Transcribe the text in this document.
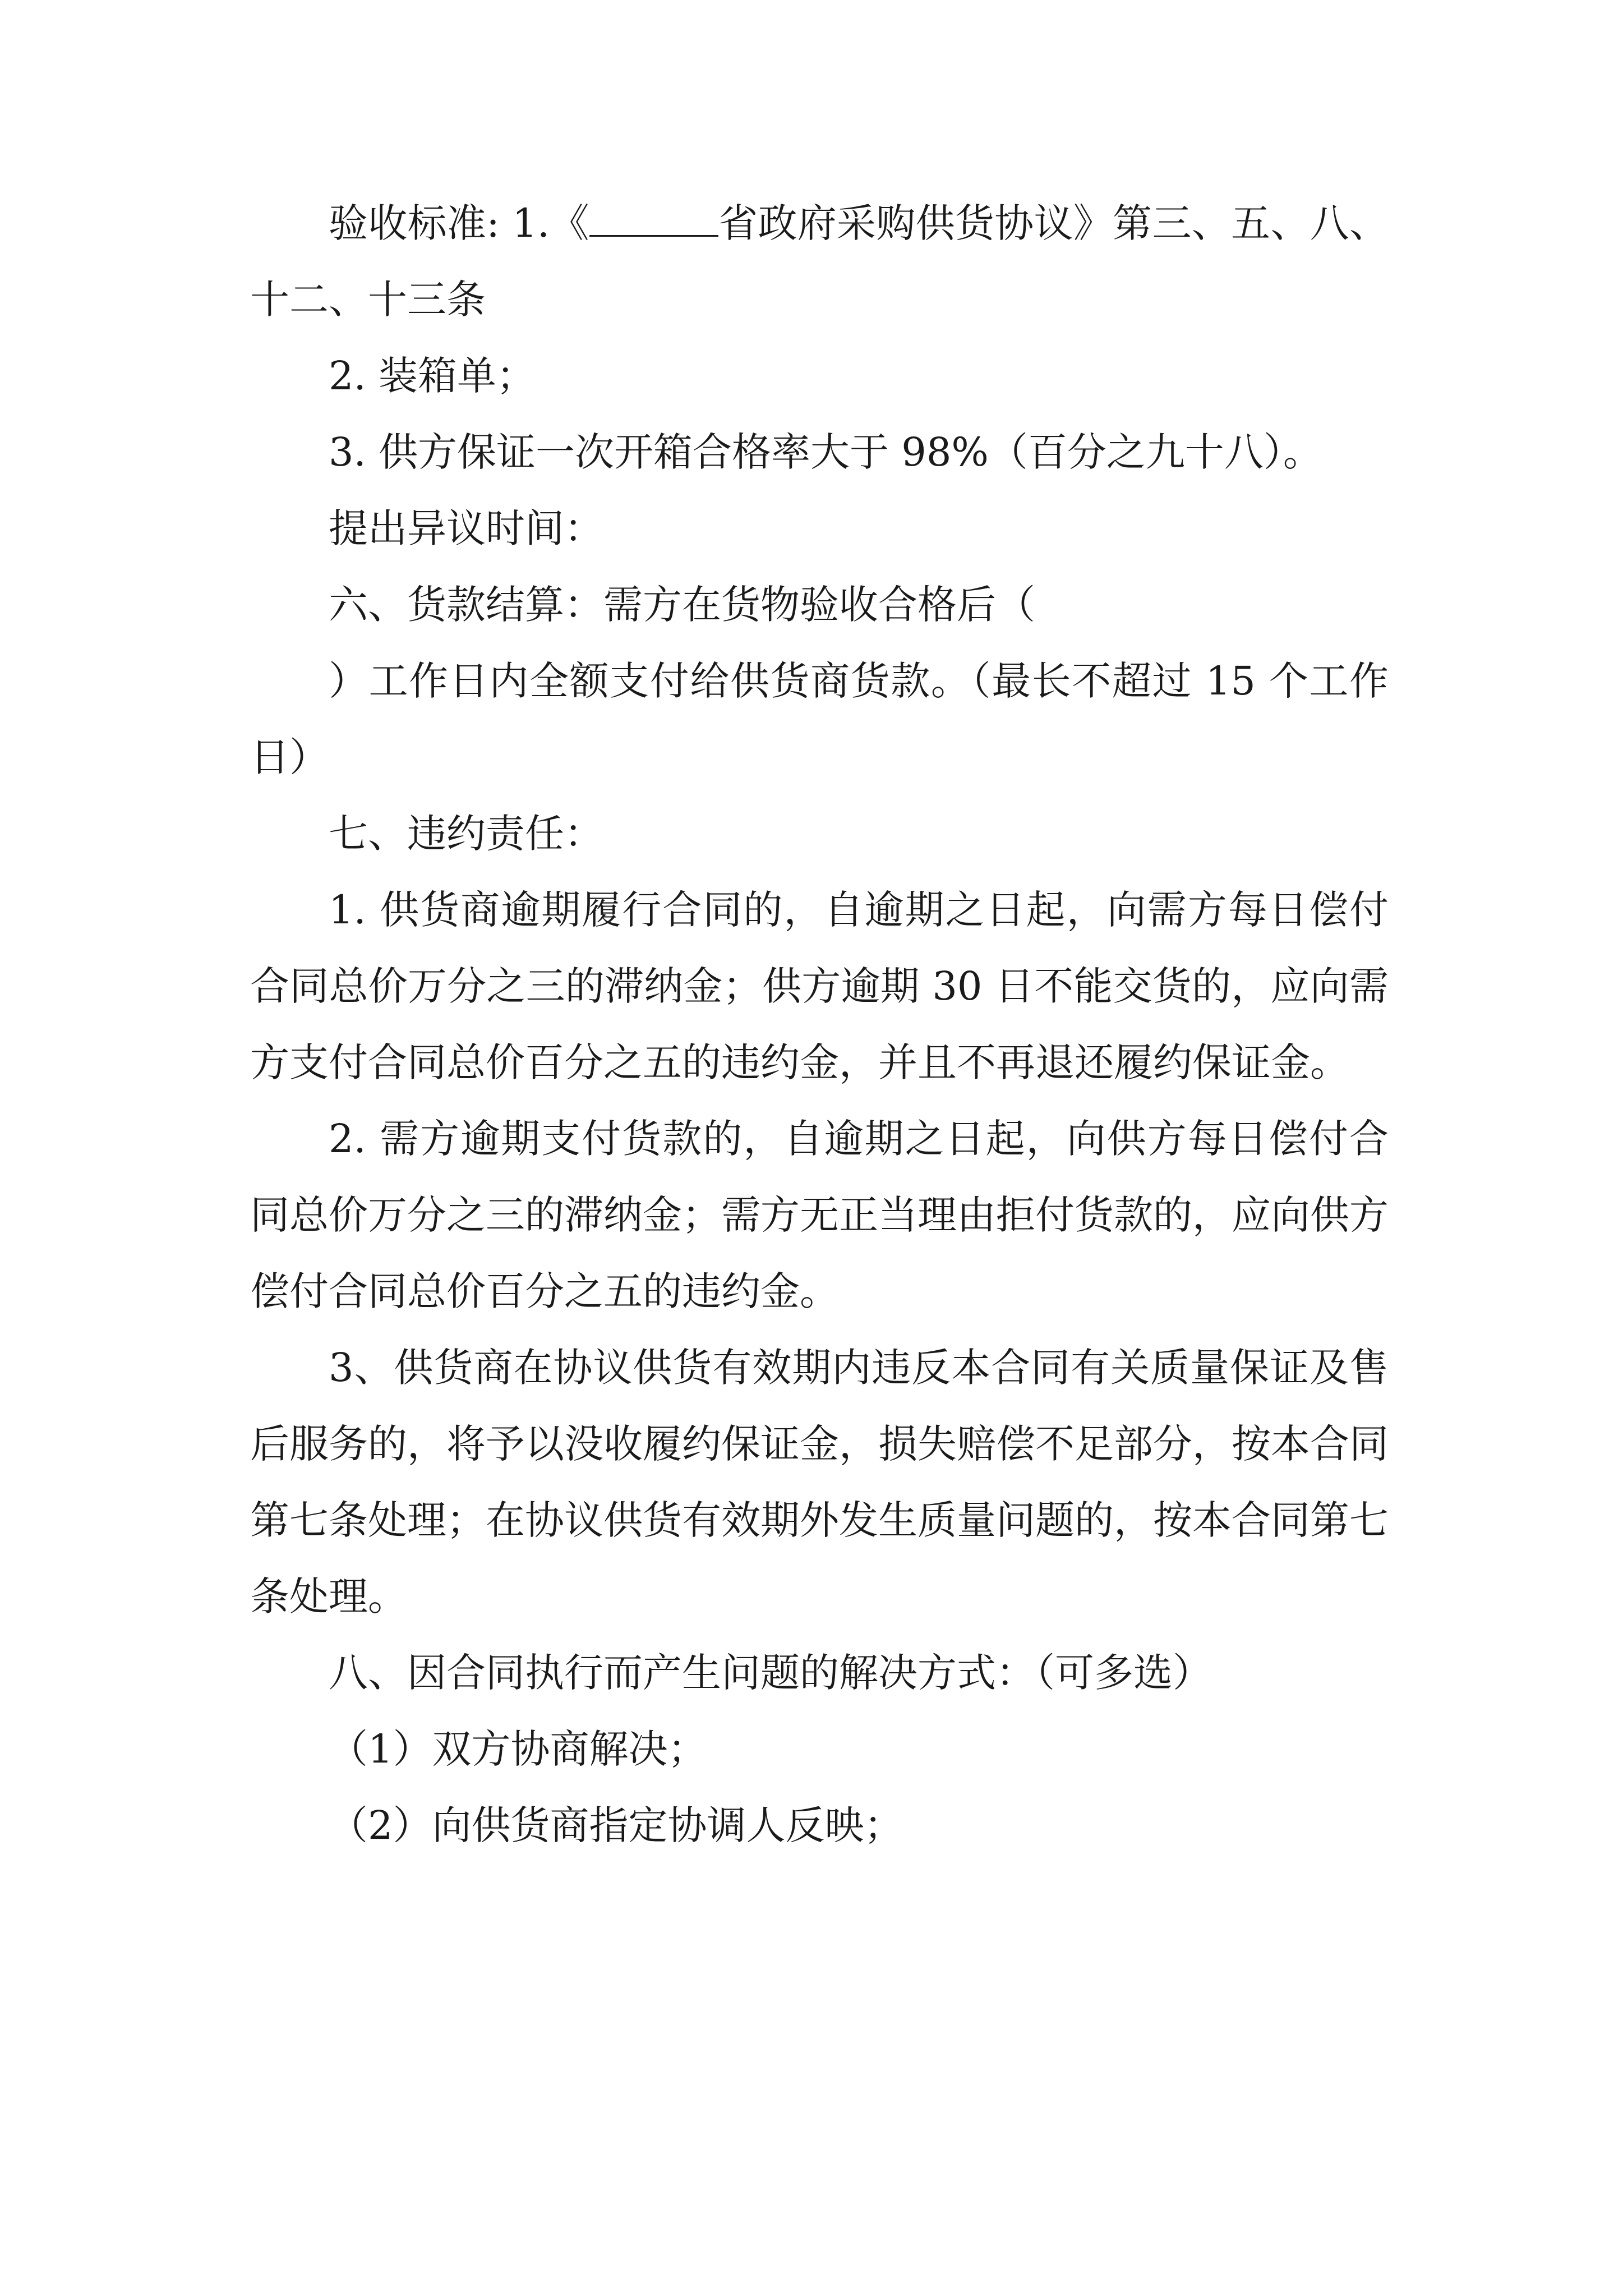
验收标准: 1.《	省政府采购供货协议》第三、五、八、十二、十三条

2. 装箱单；

3. 供方保证一次开箱合格率大于 98%（百分之九十八）。

提出异议时间：

六、货款结算：需方在货物验收合格后（

）工作日内全额支付给供货商货款。（最长不超过 15 个工作日）

七、违约责任：

1. 供货商逾期履行合同的，自逾期之日起，向需方每日偿付合同总价万分之三的滞纳金；供方逾期 30 日不能交货的，应向需方支付合同总价百分之五的违约金，并且不再退还履约保证金。

2. 需方逾期支付货款的，自逾期之日起，向供方每日偿付合同总价万分之三的滞纳金；需方无正当理由拒付货款的，应向供方偿付合同总价百分之五的违约金。

3、供货商在协议供货有效期内违反本合同有关质量保证及售后服务的，将予以没收履约保证金，损失赔偿不足部分，按本合同第七条处理；在协议供货有效期外发生质量问题的，按本合同第七条处理。

八、因合同执行而产生问题的解决方式：（可多选）

（1）双方协商解决；

（2）向供货商指定协调人反映；
